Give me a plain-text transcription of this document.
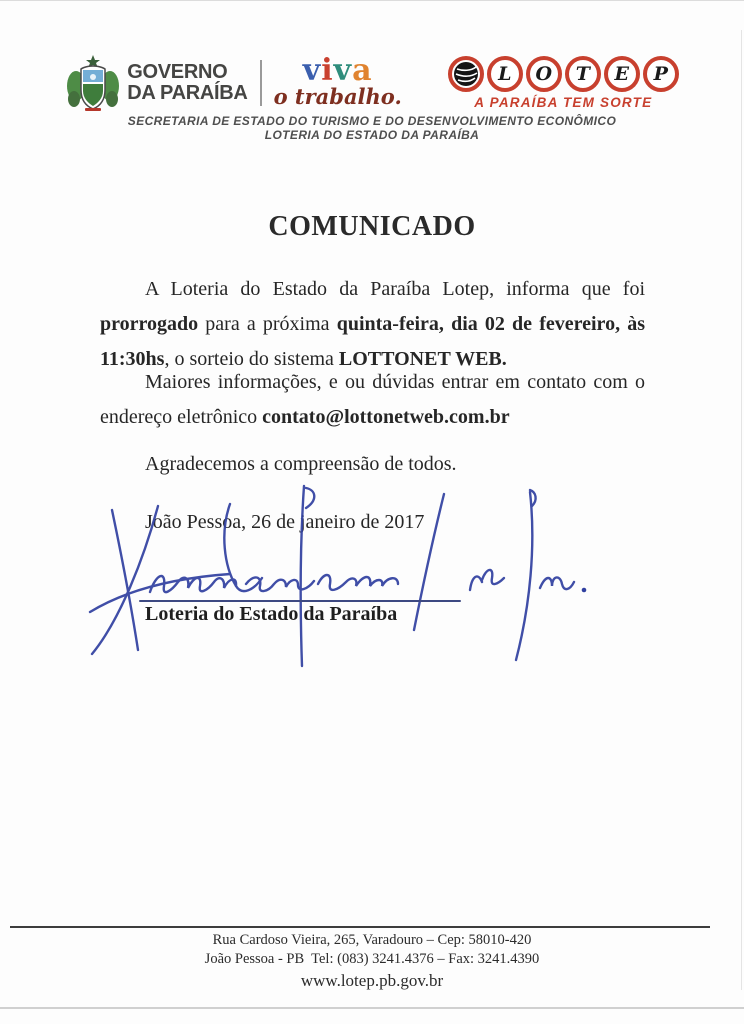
GOVERNO
DA PARAÍBA
viva
o trabalho.
L	O	T	E	P
A PARAÍBA TEM SORTE
SECRETARIA DE ESTADO DO TURISMO E DO DESENVOLVIMENTO ECONÔMICO
LOTERIA DO ESTADO DA PARAÍBA
COMUNICADO
A Loteria do Estado da Paraíba Lotep, informa que foi
prorrogado para a próxima quinta-feira, dia 02 de fevereiro, às
11:30hs, o sorteio do sistema LOTTONET WEB.
Maiores informações, e ou dúvidas entrar em contato com o
endereço eletrônico contato@lottonetweb.com.br
Agradecemos a compreensão de todos.
João Pessoa, 26 de janeiro de 2017
Loteria do Estado da Paraíba
Rua Cardoso Vieira, 265, Varadouro – Cep: 58010-420
João Pessoa - PB  Tel: (083) 3241.4376 – Fax: 3241.4390
www.lotep.pb.gov.br
